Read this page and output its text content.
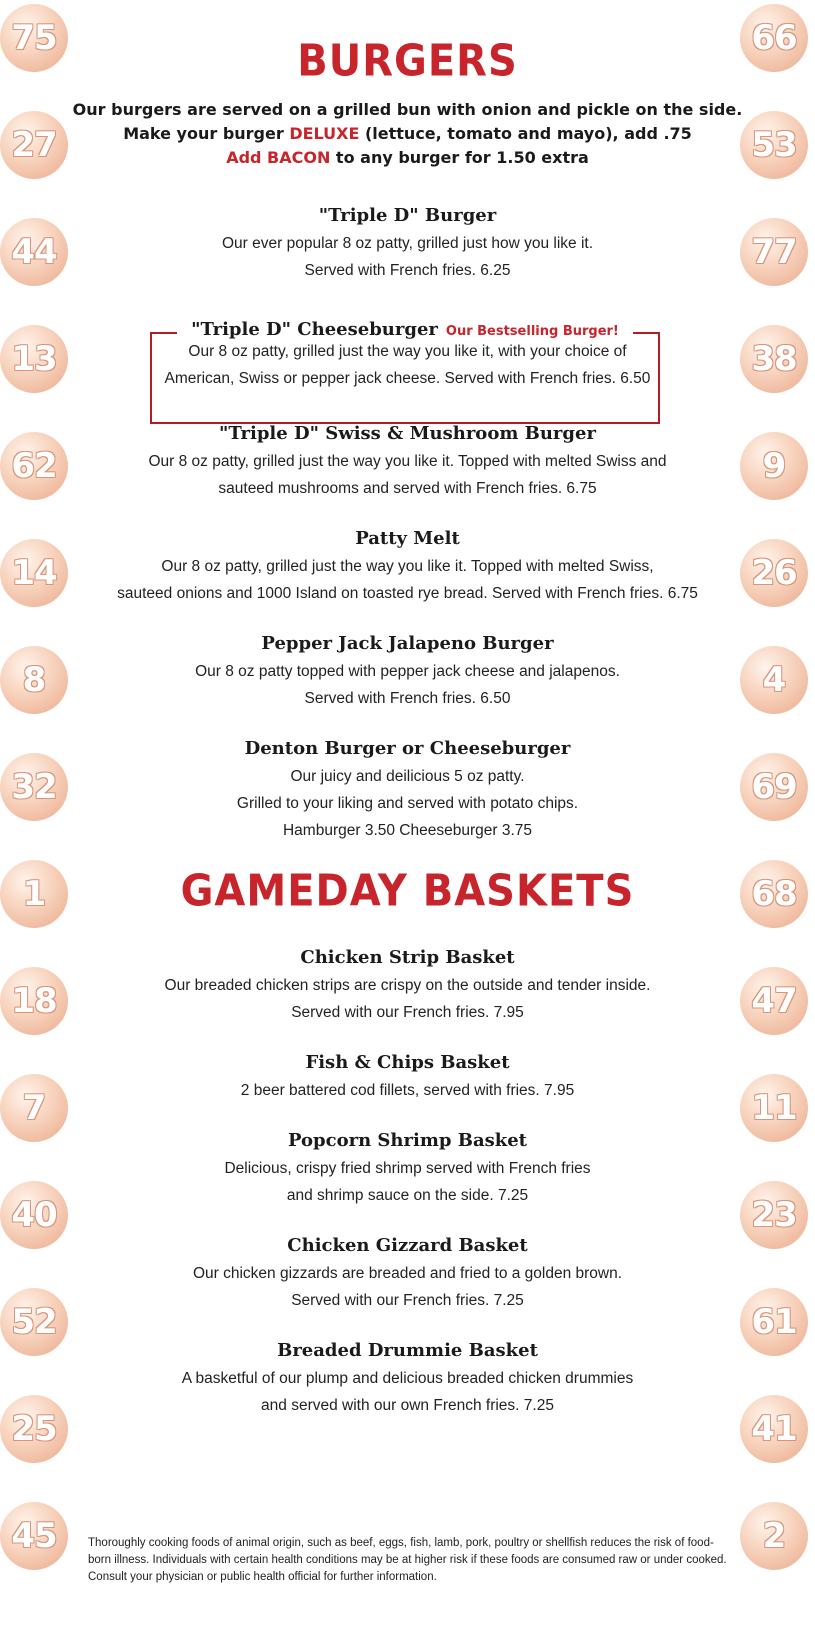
75
27
44
13
62
14
8
32
1
18
7
40
52
25
45
66
53
77
38
9
26
4
69
68
47
11
23
61
41
2
BURGERS
Our burgers are served on a grilled bun with onion and pickle on the side.
Make your burger DELUXE (lettuce, tomato and mayo), add .75
Add BACON to any burger for 1.50 extra
"Triple D" Burger
Our ever popular 8 oz patty, grilled just how you like it.
Served with French fries. 6.25
"Triple D" Cheeseburger Our Bestselling Burger!
Our 8 oz patty, grilled just the way you like it, with your choice of
American, Swiss or pepper jack cheese. Served with French fries. 6.50
"Triple D" Swiss & Mushroom Burger
Our 8 oz patty, grilled just the way you like it. Topped with melted Swiss and
sauteed mushrooms and served with French fries. 6.75
Patty Melt
Our 8 oz patty, grilled just the way you like it. Topped with melted Swiss,
sauteed onions and 1000 Island on toasted rye bread. Served with French fries. 6.75
Pepper Jack Jalapeno Burger
Our 8 oz patty topped with pepper jack cheese and jalapenos.
Served with French fries. 6.50
Denton Burger or Cheeseburger
Our juicy and deilicious 5 oz patty.
Grilled to your liking and served with potato chips.
Hamburger 3.50 Cheeseburger 3.75
GAMEDAY BASKETS
Chicken Strip Basket
Our breaded chicken strips are crispy on the outside and tender inside.
Served with our French fries. 7.95
Fish & Chips Basket
2 beer battered cod fillets, served with fries. 7.95
Popcorn Shrimp Basket
Delicious, crispy fried shrimp served with French fries
and shrimp sauce on the side. 7.25
Chicken Gizzard Basket
Our chicken gizzards are breaded and fried to a golden brown.
Served with our French fries. 7.25
Breaded Drummie Basket
A basketful of our plump and delicious breaded chicken drummies
and served with our own French fries. 7.25
Thoroughly cooking foods of animal origin, such as beef, eggs, fish, lamb, pork, poultry or shellfish reduces the risk of food-born illness. Individuals with certain health conditions may be at higher risk if these foods are consumed raw or under cooked. Consult your physician or public health official for further information.
